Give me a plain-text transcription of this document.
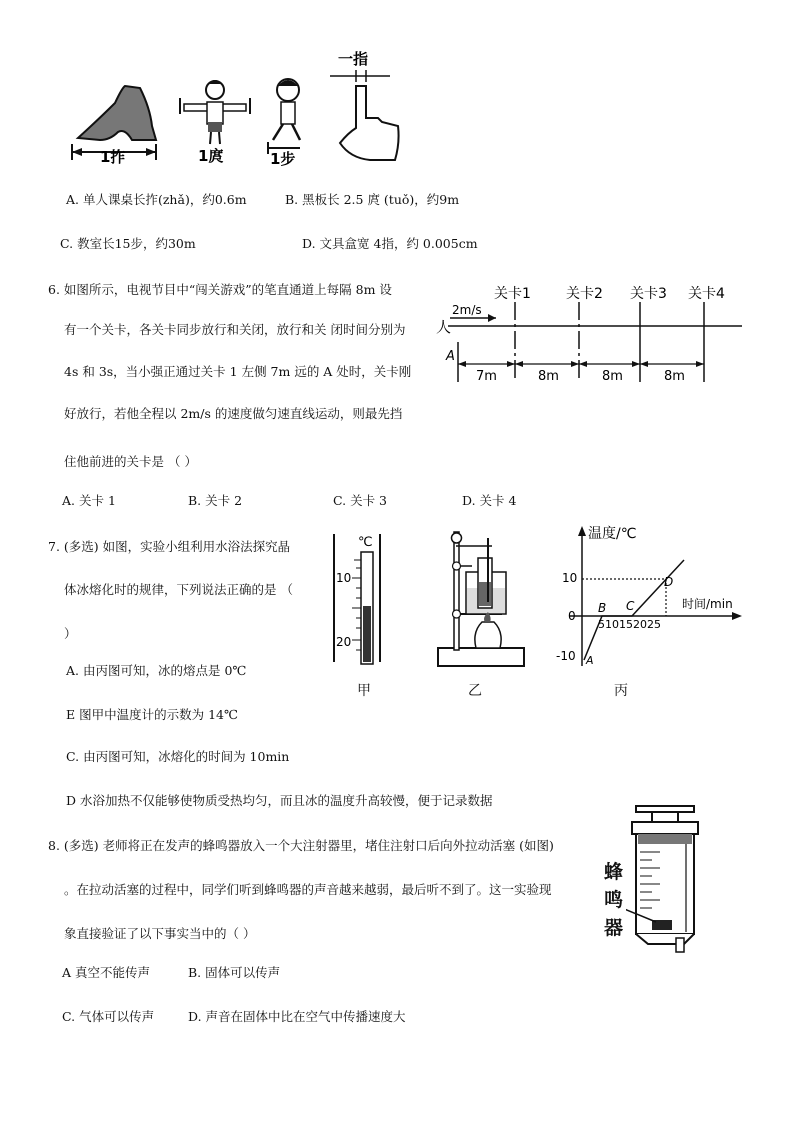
1拃	1庹	1步
一指
A. 单人课桌长拃(zhǎ)，约0.6m	B. 黑板长 2.5 庹 (tuǒ)，约9m
C. 教室长15步，约30m	D. 文具盒宽 4指，约 0.005cm
6. 如图所示，电视节目中“闯关游戏”的笔直通道上每隔 8m 设
有一个关卡，各关卡同步放行和关闭，放行和关 闭时间分别为
4s 和 3s，当小强正通过关卡 1 左侧 7m 远的 A 处时，关卡刚
好放行，若他全程以 2m/s 的速度做匀速直线运动，则最先挡
住他前进的关卡是 （ ）
人
2m/s
关卡1	关卡2 关卡3 关卡4
A
7m	8m	8m	8m
A. 关卡 1	B. 关卡 2	C. 关卡 3	D. 关卡 4
7. (多选) 如图，实验小组利用水浴法探究晶
体冰熔化时的规律，下列说法正确的是 （
）
℃
10
20
甲	乙
温度/℃
时间/min
10
0
-10
510152025
A
B C
D
丙
A. 由丙图可知，冰的熔点是 0℃
E 图甲中温度计的示数为 14℃
C. 由丙图可知，冰熔化的时间为 10min
D 水浴加热不仅能够使物质受热均匀，而且冰的温度升高较慢，便于记录数据
8. (多选) 老师将正在发声的蜂鸣器放入一个大注射器里，堵住注射口后向外拉动活塞 (如图)
。在拉动活塞的过程中，同学们听到蜂鸣器的声音越来越弱，最后听不到了。这一实验现
象直接验证了以下事实当中的（ ）
A 真空不能传声	B. 固体可以传声
C. 气体可以传声	D. 声音在固体中比在空气中传播速度大
蜂鸣器
